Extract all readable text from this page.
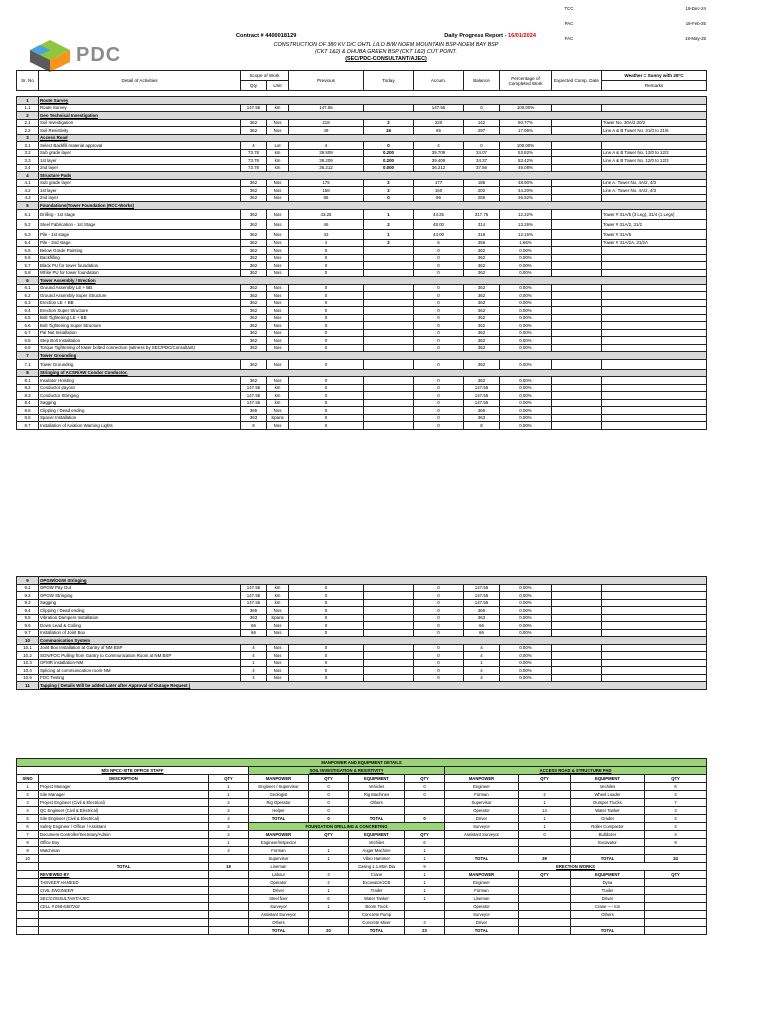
PDC
Contract # 4400018129	Daily Progress Report - 16/01/2024
CONSTRUCTION OF 380 KV D/C OHTL LILO B/W NOEM MOUNTAIN BSP-NOEM BAY BSP
(CKT 1&2) & DHUBA GREEN BSP (CKT 1&2) CUT POINT.
(SEC/PDC-CONSULTANT/AJEC)
TCC	19-Dec-24
PAC	19-Feb-25
FAC	19-May-25
Sr. No	Detail of Activities	Scope of Work		Previous	Today	Accum.	Balance	Percentage of Completed Work	Expected Comp. Date	Weather = Sunny with 28°C
		Qty	Unit							Remarks
1	Route Survey									
1.1	Route Survey	147.55	km	147.55		147.55	0	100.00%		
2	Geo Technical Investigation									
2.1	Soil Investigation	362	Nos	218	2	220	142	60.77%		Tower No. 30A/2,30/2
2.2	Soil Resistivity	362	Nos	49	16	65	297	17.96%		Line A & B Tower No. 31/0 to 31/6
3	Access Road									
3.1	Select Backfill material approval	4	Lot	4	0	4	0	100.00%		
3.2	Sub grade layer	73.78	km	39.509	0.200	39.709	34.07	53.82%		Line A & B Tower No. 12/0 to 12/3
3.3	1st layer	73.78	km	39.209	0.200	39.409	34.37	53.42%		Line A & B Tower No. 12/0 to 12/3
3.4	2nd layer	73.78	km	36.212	0.000	36.212	37.56	49.08%		
4	Structure Pads									
4.1	Sub grade layer	362	Nos	175	2	177	185	48.90%		Line A. Tower No. 4A/2, 4/3
4.2	1st layer	362	Nos	158	2	160	202	44.20%		Line A. Tower No. 4A/2, 4/3
4.3	2nd layer	362	Nos	96	0	96	266	26.52%		
5	Foundations(Tower Foundation (RCC-Works)									
5.1	Drilling - 1st stage	362	Nos	43.25	1	44.25	317.75	12.22%		Tower # 31A/5 (3 Leg), 31/4 (1 Legs)
5.2	Steel Fabrication - 1st Stage	362	Nos	46	2	48.00	314	13.26%		Tower # 31A/2, 31/2
5.3	Pile - 1st stage	362	Nos	43	1	44.00	318	12.15%		Tower # 31A/5
5.4	Pile - 2nd stage.	362	Nos	4	2	6	356	1.66%		Tower # 31A/2A, 31/2A
5.5	Below Grade Painting	362	Nos	0		0	362	0.00%		
5.6	Backfilling	362	Nos	0		0	362	0.00%		
5.7	Black PU for tower foundation	362	Nos	0		0	362	0.00%		
5.8	White PU for tower foundation	362	Nos	0		0	362	0.00%		
6	Tower Assembly / Erection									
6.1	Ground Assembly LE + BB	362	Nos	0		0	362	0.00%		
6.2	Ground Assembly Super Structure	362	Nos	0		0	362	0.00%		
6.3	Erection LE + BB	362	Nos	0		0	362	0.00%		
6.4	Erection Super Structure	362	Nos	0		0	362	0.00%		
6.5	Bolt Tightening LE + BB	362	Nos	0		0	362	0.00%		
6.6	Bolt Tightening Super Structure	362	Nos	0		0	362	0.00%		
6.7	Pal Nut Installation	362	Nos	0		0	362	0.00%		
6.8	Step Bolt Installation	362	Nos	0		0	362	0.00%		
6.9	Torque Tightening of tower bolted connection (witness by SEC/PDC/Consultant)	362	Nos	0		0	362	0.00%		
7	Tower Grounding									
7.1	Tower Grounding	362	Nos	0		0	362	0.00%		
8	Stringing of ACSR/AW Condor Conductor.									
8.1	Insulator Hoisting	362	Nos	0		0	362	0.00%		
8.2	Conductor payout	147.55	km	0		0	147.55	0.00%		
8.3	Conductor Stringing	147.55	km	0		0	147.55	0.00%		
8.4	Sagging	147.55	km	0		0	147.55	0.00%		
8.5	Clipping / Dead ending	365	Nos	0		0	365	0.00%		
8.6	Spacer Installation	363	Spans	0		0	363	0.00%		
8.7	Installation of Aviation Warning Lights	8	Nos	0		0	8	0.00%		
9	OPGW/OGW Stringing									
9.1	OPGW Pay Out	147.55	km	0		0	147.55	0.00%		
9.2	OPGW Stringing	147.55	km	0		0	147.55	0.00%		
9.3	Sagging	147.55	km	0		0	147.55	0.00%		
9.4	Clipping / Dead ending	365	Nos	0		0	365	0.00%		
9.5	Vibration Dampers Installation	363	Spans	0		0	363	0.00%		
9.6	Down Lead & Coiling	66	Nos	0		0	66	0.00%		
9.7	Installation of Joint Box	66	Nos	0		0	66	0.00%		
10	Communication System									
10.1	Joint Box Installation at Gantry of NM BSP	4	Nos	0		0	4	0.00%		
10.2	SGN/FOC Pulling from Gantry to Communication Room at NM BSP	4	Nos	0		0	4	0.00%		
10.3	OFMR installation-NM	1	Nos	0		0	1	0.00%		
10.4	Splicing at communication room-NM	4	Nos	0		0	4	0.00%		
10.5	FOC Testing	4	Nos	0		0	4	0.00%		
11	Tapping ( Details Will be added Later after Approval of Outage Request )									
MANPOWER AND EQUIPMENT DETAILS										
M/S NPCC-SITE OFFICE STAFF			SOIL INVESTIGATION & RESISTIVITY				ACCESS ROAD & STRUCTURE PAD			
S/NO	DESCRIPTION	QTY	MANPOWER	QTY	EQUIPMENT	QTY	MANPOWER	QTY	EQUIPMENT	QTY
1	Project Manager	1	Engineer / Supervisor	0	Vehicles	0	Engineer		Vechiles	6
2	Site Manager	1	Geologist	0	Rig Machines	0	Forman	2	Wheel Loader	2
3	Project Engineer (Civil & Electrical)	2	Rig Operator	0	Others		Supervisor	1	Dumper Trucks	7
4	QC Engineer (Civil & Electrical)	2	Helper	0			Operator	14	Water Tanker	3
5	Site Engineer (Civil & Electrical)	4	TOTAL	0	TOTAL	0	Driver	1	Grader	2
6	Safety Engineer / Officer / Assistant	2	FOUNDATION DRILLING & CONCRETING				Surveyor	1	Roller Compactor	2
7	Document Controller/Secretary/Admin	2	MANPOWER	QTY	EQUIPMENT	QTY	Assistant Surveyor	0	Bulldozer	4
8	Office Boy	1	Engineer/Inspector		Vechiles	6			Excavator	8
9	Watchman	4	Forman	1	Auger Machine	1				
10			Supervisor	1	Vibro Hammer	1	TOTAL	39	TOTAL	34
	TOTAL	19	Lineman		Casing 1.1.85m Dia	9	ERECTION WORKS			
	REVIEWED BY		Labour	3	Crane	1	MANPOWER	QTY	EQUIPMENT	QTY
	TANVEER HAMEED		Operator	2	Excavator/JCB	1	Engineer		Dyna	
	CIVIL ENGINEER		Driver	1	Trailer	1	Forman		Trailer	
	SEC/CONSULTANT/AJEC		Steel fixer	6	Water Tanker	1	Lineman		Driver	
	CELL # 058-6387202		Surveyor	1	Boom Truck		Operator		Crane ---- ton	
			Assistant Surveyor		Concrete Pump		Surveyor		Others	
			Others		Concrete Mixer	3	Driver			
			TOTAL	20	TOTAL	23	TOTAL		TOTAL	
